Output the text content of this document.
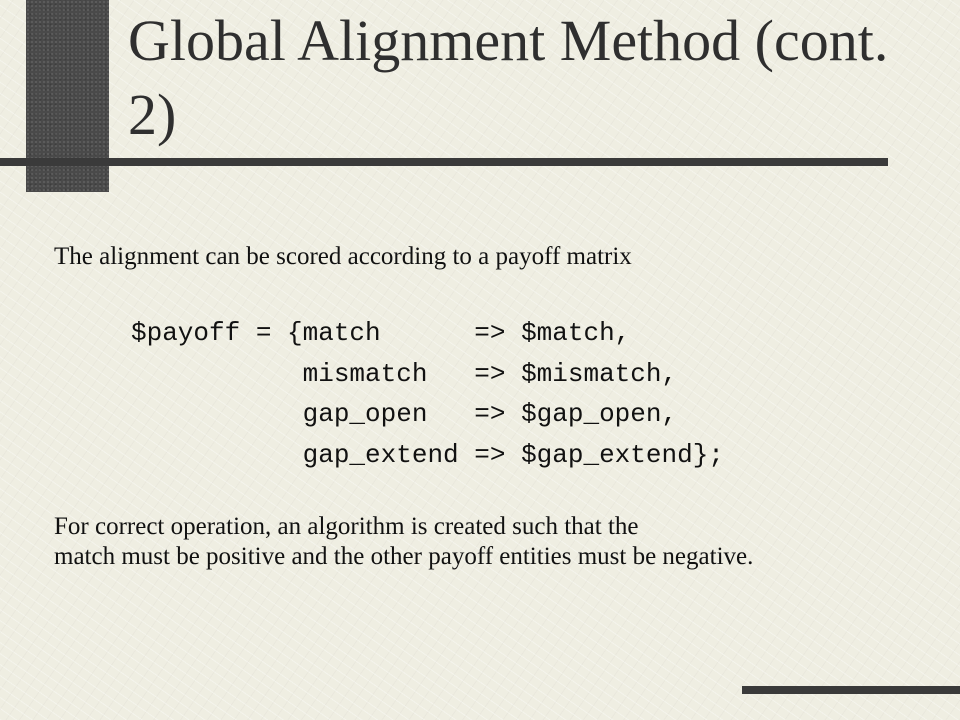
Global Alignment Method (cont. 2)

The alignment can be scored according to a payoff matrix

$payoff = {match      => $match,
mismatch   => $mismatch,
gap_open   => $gap_open,
gap_extend => $gap_extend};
For correct operation, an algorithm is created such that the
match must be positive and the other payoff entities must be negative.
